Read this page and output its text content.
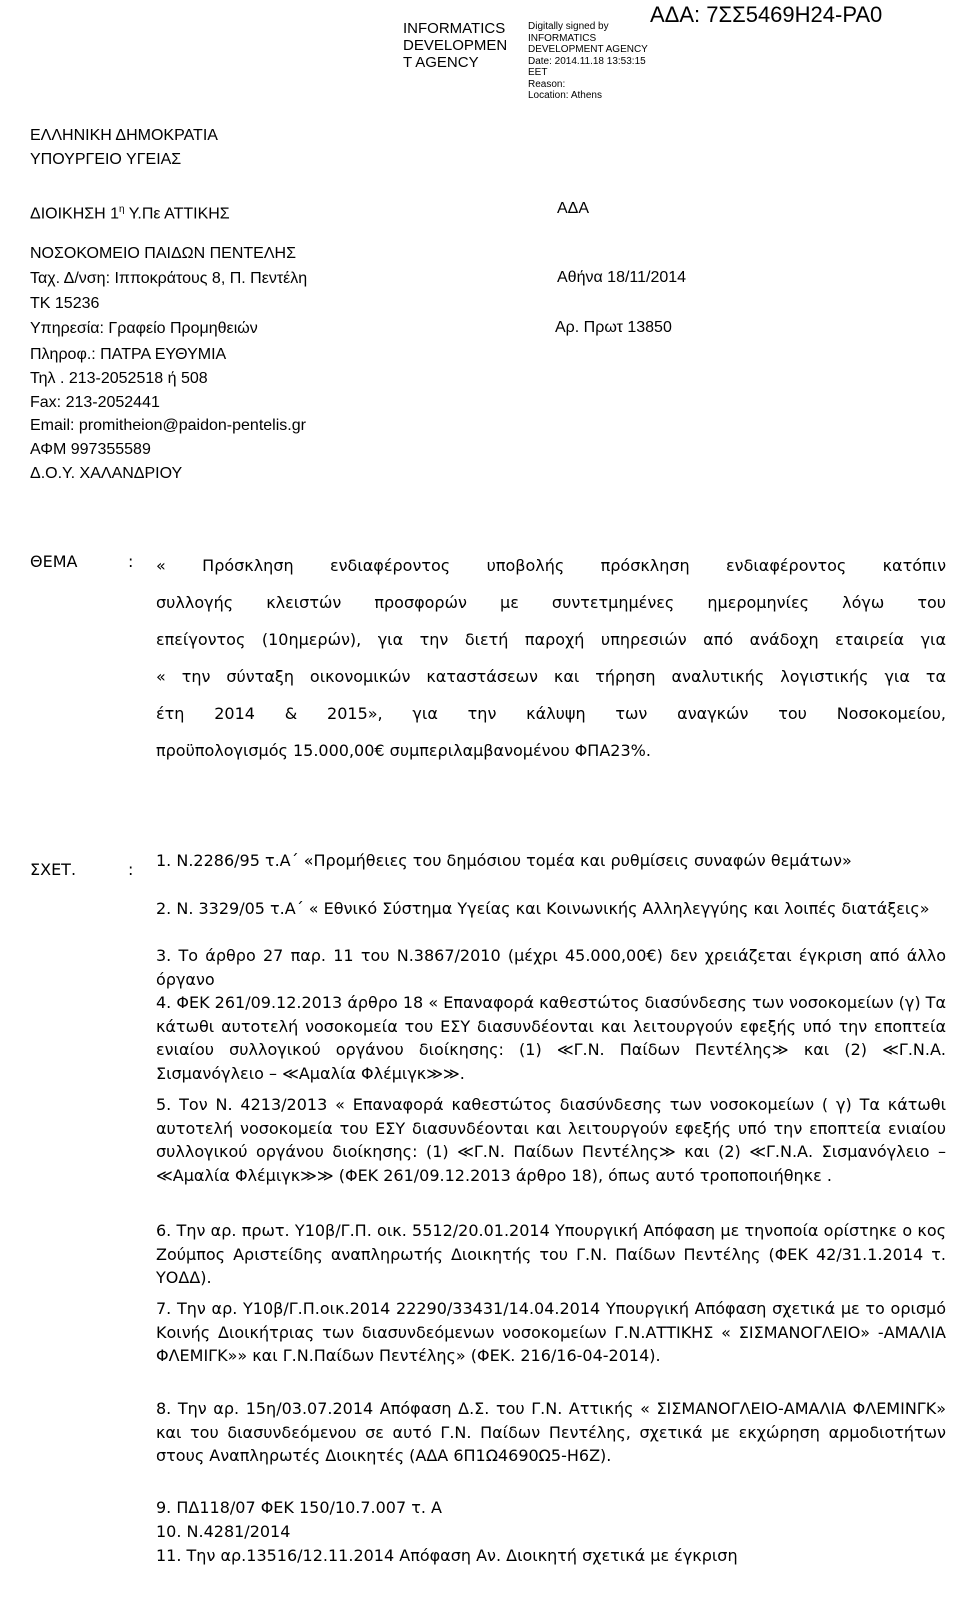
INFORMATICS
DEVELOPMEN
T AGENCY
Digitally signed by
INFORMATICS
DEVELOPMENT AGENCY
Date: 2014.11.18 13:53:15
EET
Reason:
Location: Athens
ΑΔΑ: 7ΣΣ5469Η24-ΡΑ0
ΕΛΛΗΝΙΚΗ ΔΗΜΟΚΡΑΤΙΑ
ΥΠΟΥΡΓΕΙΟ ΥΓΕΙΑΣ
ΔΙΟΙΚΗΣΗ $1^\eta$ Υ.Πε ΑΤΤΙΚΗΣ	ΑΔΑ
ΝΟΣΟΚΟΜΕΙΟ ΠΑΙΔΩΝ ΠΕΝΤΕΛΗΣ
Ταχ. Δ/νση: Ιπποκράτους 8, Π. Πεντέλη	Αθήνα 18/11/2014
ΤΚ 15236
Υπηρεσία: Γραφείο Προμηθειών	Αρ. Πρωτ 13850
Πληροφ.: ΠΑΤΡΑ ΕΥΘΥΜΙΑ
Τηλ . 213-2052518 ή 508
Fax: 213-2052441
Email: promitheion@paidon-pentelis.gr
ΑΦΜ 997355589
Δ.Ο.Υ. ΧΑΛΑΝΔΡΙΟΥ
ΘΕΜΑ	: « Πρόσκληση ενδιαφέροντος υποβολής πρόσκληση ενδιαφέροντος κατόπιν

συλλογής κλειστών προσφορών με συντετμημένες ημερομηνίες λόγω του

επείγοντος (10ημερών), για την διετή παροχή υπηρεσιών από ανάδοχη εταιρεία για

« την σύνταξη οικονομικών καταστάσεων και τήρηση αναλυτικής λογιστικής για τα

έτη 2014 & 2015», για την κάλυψη των αναγκών του Νοσοκομείου,

προϋπολογισμός 15.000,00€ συμπεριλαμβανομένου ΦΠΑ23%.

ΣΧΕΤ.	: 1. Ν.2286/95 τ.Α΄ «Προμήθειες του δημόσιου τομέα και ρυθμίσεις συναφών θεμάτων»

2. Ν. 3329/05 τ.Α΄ « Εθνικό Σύστημα Υγείας και Κοινωνικής Αλληλεγγύης και λοιπές διατάξεις»

3. Το άρθρο 27 παρ. 11 του Ν.3867/2010 (μέχρι 45.000,00€) δεν χρειάζεται έγκριση από άλλο όργανο

4. ΦΕΚ 261/09.12.2013 άρθρο 18 « Επαναφορά καθεστώτος διασύνδεσης των νοσοκομείων (γ) Τα κάτωθι αυτοτελή νοσοκομεία του ΕΣΥ διασυνδέονται και λειτουργούν εφεξής υπό την εποπτεία ενιαίου συλλογικού οργάνου διοίκησης: (1) ≪Γ.Ν. Παίδων Πεντέλης≫ και (2) ≪Γ.Ν.Α. Σισμανόγλειο – ≪Αμαλία Φλέμιγκ≫≫.

5. Τον Ν. 4213/2013 « Επαναφορά καθεστώτος διασύνδεσης των νοσοκομείων ( γ) Τα κάτωθι αυτοτελή νοσοκομεία του ΕΣΥ διασυνδέονται και λειτουργούν εφεξής υπό την εποπτεία ενιαίου συλλογικού οργάνου διοίκησης: (1) ≪Γ.Ν. Παίδων Πεντέλης≫ και (2) ≪Γ.Ν.Α. Σισμανόγλειο – ≪Αμαλία Φλέμιγκ≫≫ (ΦΕΚ 261/09.12.2013 άρθρο 18), όπως αυτό τροποποιήθηκε .

6. Την αρ. πρωτ. Υ10β/Γ.Π. οικ. 5512/20.01.2014 Υπουργική Απόφαση με τηνοποία ορίστηκε ο κος Ζούμπος Αριστείδης αναπληρωτής Διοικητής του Γ.Ν. Παίδων Πεντέλης (ΦΕΚ 42/31.1.2014 τ. ΥΟΔΔ).

7. Την αρ. Υ10β/Γ.Π.οικ.2014 22290/33431/14.04.2014 Υπουργική Απόφαση σχετικά με το ορισμό Κοινής Διοικήτριας των διασυνδεόμενων νοσοκομείων Γ.Ν.ΑΤΤΙΚΗΣ « ΣΙΣΜΑΝΟΓΛΕΙΟ» -ΑΜΑΛΙΑ ΦΛΕΜΙΓΚ»» και Γ.Ν.Παίδων Πεντέλης» (ΦΕΚ. 216/16-04-2014).

8. Την αρ. 15η/03.07.2014 Απόφαση Δ.Σ. του Γ.Ν. Αττικής « ΣΙΣΜΑΝΟΓΛΕΙΟ-ΑΜΑΛΙΑ ΦΛΕΜΙΝΓΚ» και του διασυνδεόμενου σε αυτό Γ.Ν. Παίδων Πεντέλης, σχετικά με εκχώρηση αρμοδιοτήτων στους Αναπληρωτές Διοικητές (ΑΔΑ 6Π1Ω4690Ω5-Η6Ζ).

9. ΠΔ118/07 ΦΕΚ 150/10.7.007 τ. Α

10. Ν.4281/2014

11. Την αρ.13516/12.11.2014 Απόφαση Αν. Διοικητή σχετικά με έγκριση
